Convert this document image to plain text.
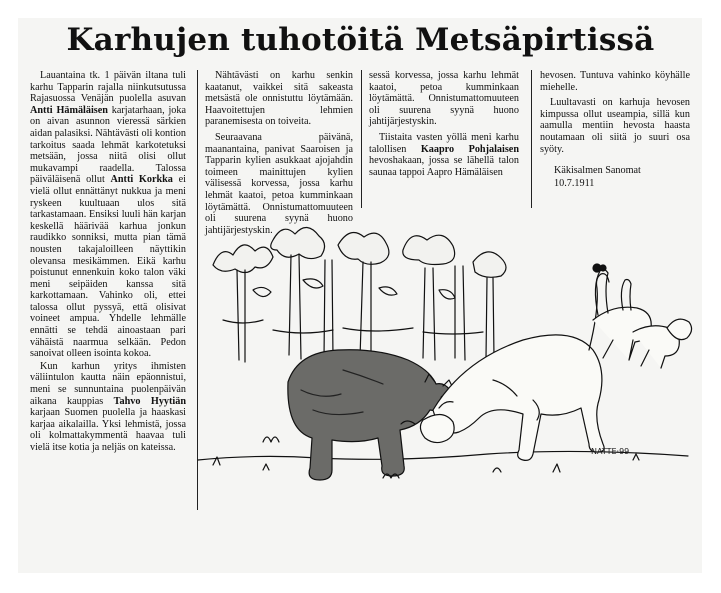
Karhujen tuhotöitä Metsäpirtissä

Lauantaina tk. 1 päivän iltana tuli karhu Tapparin rajalla niinkutsutussa Rajasuossa Venäjän puolella asuvan Antti Hämäläisen karjatarhaan, joka on aivan asunnon vieressä särkien aidan palasiksi. Nähtävästi oli kontion tarkoitus saada lehmät karkotetuksi metsään, jossa niitä olisi ollut mukavampi raadella. Talossa päiväläisenä ollut Antti Korkka ei vielä ollut ennättänyt nukkua ja meni ryskeen kuultuaan ulos sitä tarkastamaan. Ensiksi luuli hän karjan keskellä häärivää karhua jonkun raudikko sonniksi, mutta pian tämä nousten takajaloilleen näyttikin olevansa mesikämmen. Eikä karhu poistunut ennenkuin koko talon väki meni seipäiden kanssa sitä karkottamaan. Vahinko oli, ettei talossa ollut pyssyä, että olisivat voineet ampua. Yhdelle lehmälle ennätti se tehdä ainoastaan pari vähäistä naarmua selkään. Pedon sanoivat olleen isointa kokoa.

Kun karhun yritys ihmisten väliintulon kautta näin epäonnistui, meni se sunnuntaina puolenpäivän aikana kauppias Tahvo Hyytiän karjaan Suomen puolella ja haaskasi karjaa aikalailla. Yksi lehmistä, jossa oli kolmattakymmentä haavaa tuli vielä itse kotia ja neljäs on kateissa.

Nähtävästi on karhu senkin kaatanut, vaikkei sitä sakeasta metsästä ole onnistuttu löytämään. Haavoitettujen lehmien paranemisesta on toiveita.

Seuraavana päivänä, maanantaina, panivat Saaroisen ja Tapparin kylien asukkaat ajojahdin toimeen mainittujen kylien välisessä korvessa, jossa karhu lehmät kaatoi, petoa kumminkaan löytämättä. Onnistumattomuuteen oli suurena syynä huono jahtijärjestyskin.

sessä korvessa, jossa karhu lehmät kaatoi, petoa kumminkaan löytämättä. Onnistumattomuuteen oli suurena syynä huono jahtijärjestyskin.

Tiistaita vasten yöllä meni karhu talollisen Kaapro Pohjalaisen hevoshakaan, jossa se lähellä talon saunaa tappoi Aapro Hämäläisen

hevosen. Tuntuva vahinko köyhälle miehelle.

Luultavasti on karhuja hevosen kimpussa ollut useampia, sillä kun aamulla mentiin hevosta haasta noutamaan oli siitä jo suuri osa syöty.

Käkisalmen Sanomat

10.7.1911

NATTE·99
